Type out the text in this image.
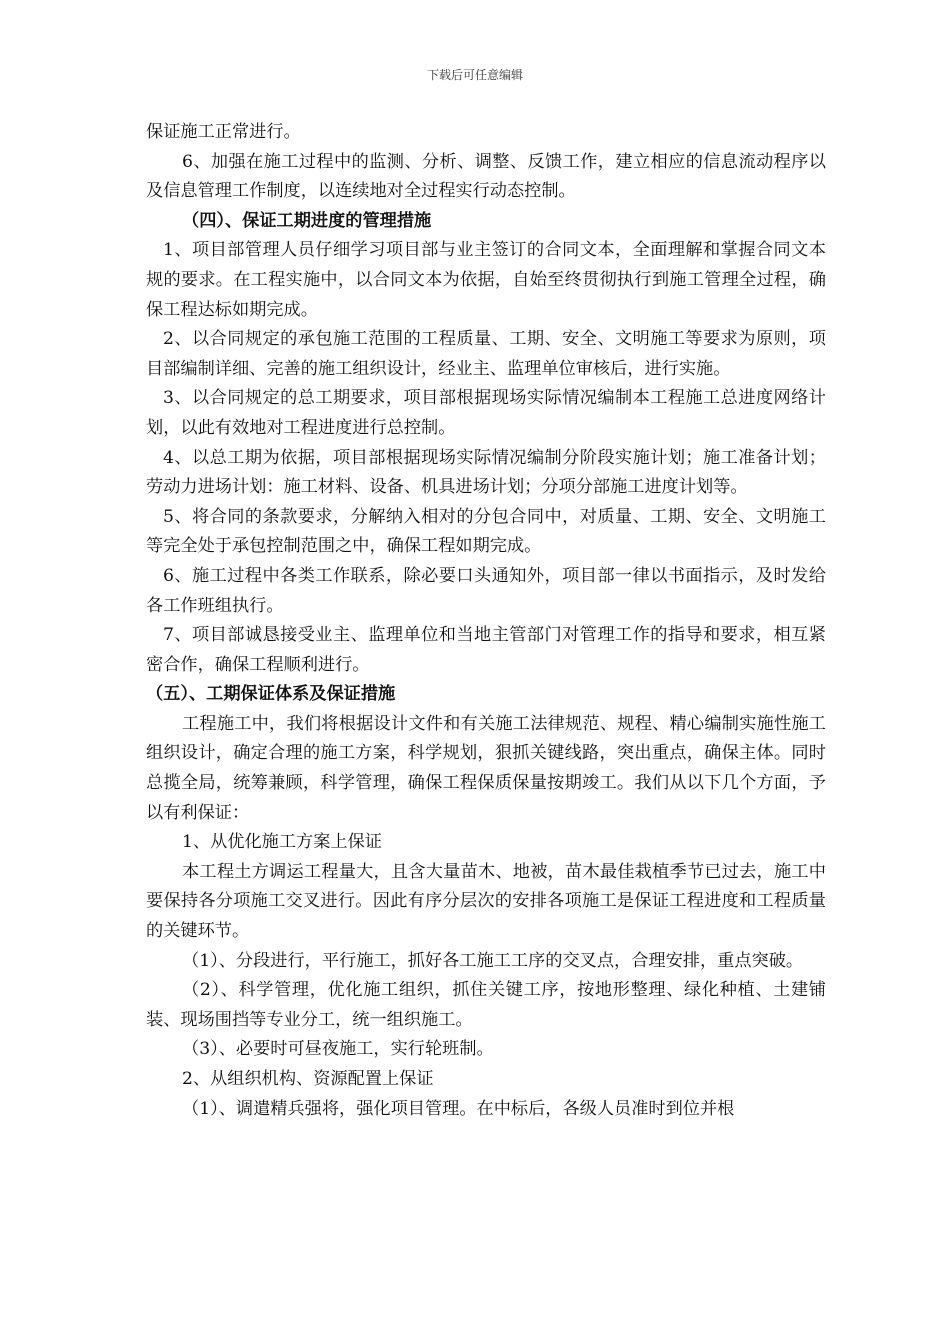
下载后可任意编辑

保证施工正常进行。

6、加强在施工过程中的监测、分析、调整、反馈工作，建立相应的信息流动程序以及信息管理工作制度，以连续地对全过程实行动态控制。

（四）、保证工期进度的管理措施

1、项目部管理人员仔细学习项目部与业主签订的合同文本，全面理解和掌握合同文本规的要求。在工程实施中，以合同文本为依据，自始至终贯彻执行到施工管理全过程，确保工程达标如期完成。

2、以合同规定的承包施工范围的工程质量、工期、安全、文明施工等要求为原则，项目部编制详细、完善的施工组织设计，经业主、监理单位审核后，进行实施。

3、以合同规定的总工期要求，项目部根据现场实际情况编制本工程施工总进度网络计划，以此有效地对工程进度进行总控制。

4、以总工期为依据，项目部根据现场实际情况编制分阶段实施计划；施工准备计划；劳动力进场计划：施工材料、设备、机具进场计划；分项分部施工进度计划等。

5、将合同的条款要求，分解纳入相对的分包合同中，对质量、工期、安全、文明施工等完全处于承包控制范围之中，确保工程如期完成。

6、施工过程中各类工作联系，除必要口头通知外，项目部一律以书面指示，及时发给各工作班组执行。

7、项目部诚恳接受业主、监理单位和当地主管部门对管理工作的指导和要求，相互紧密合作，确保工程顺利进行。

（五）、工期保证体系及保证措施

工程施工中，我们将根据设计文件和有关施工法律规范、规程、精心编制实施性施工组织设计，确定合理的施工方案，科学规划，狠抓关键线路，突出重点，确保主体。同时总揽全局，统筹兼顾，科学管理，确保工程保质保量按期竣工。我们从以下几个方面，予以有利保证：

1、从优化施工方案上保证

本工程土方调运工程量大，且含大量苗木、地被，苗木最佳栽植季节已过去，施工中要保持各分项施工交叉进行。因此有序分层次的安排各项施工是保证工程进度和工程质量的关键环节。

（1）、分段进行，平行施工，抓好各工施工工序的交叉点，合理安排，重点突破。

（2）、科学管理，优化施工组织，抓住关键工序，按地形整理、绿化种植、土建铺装、现场围挡等专业分工，统一组织施工。

（3）、必要时可昼夜施工，实行轮班制。

2、从组织机构、资源配置上保证

（1）、调遣精兵强将，强化项目管理。在中标后，各级人员准时到位并根
